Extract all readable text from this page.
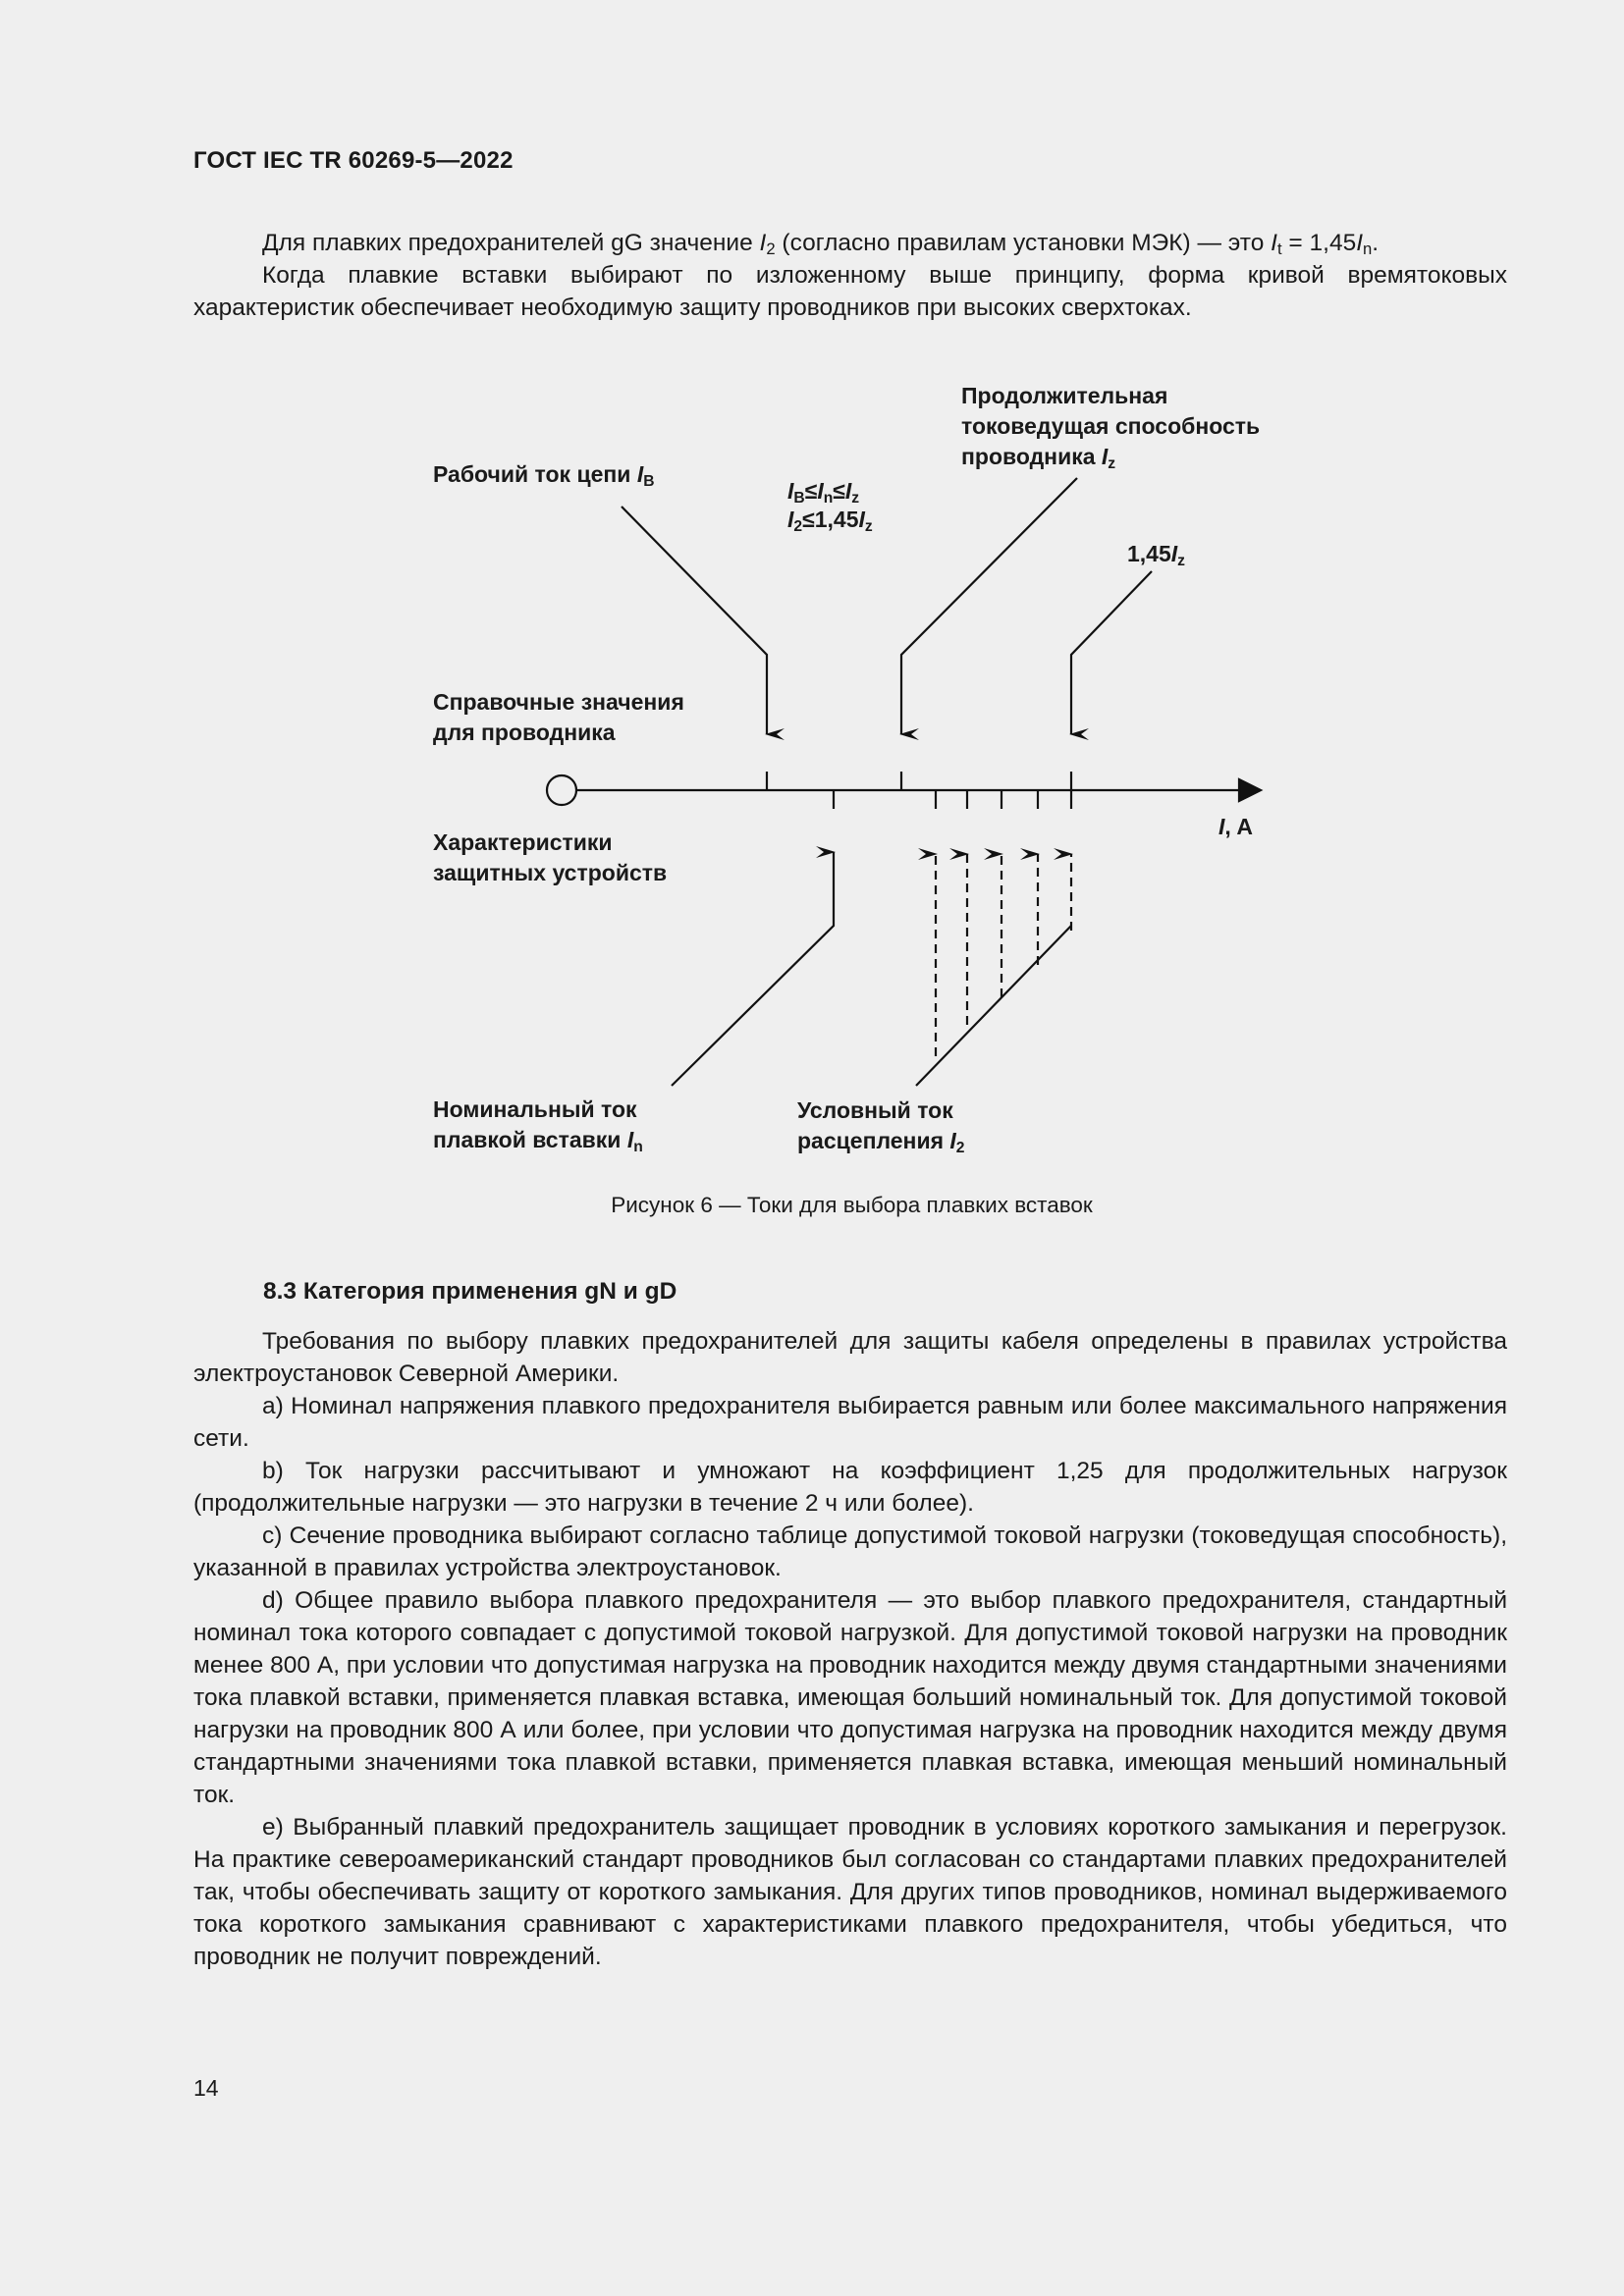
ГОСТ IEC TR 60269-5—2022

Для плавких предохранителей gG значение $I_2$ (согласно правилам установки МЭК) — это $I_t = 1,45I_n$.

Когда плавкие вставки выбирают по изложенному выше принципу, форма кривой времятоковых характеристик обеспечивает необходимую защиту проводников при высоких сверхтоках.

Рабочий ток цепи $I_B$	$I_B\le I_n\le I_z$
$I_2\le 1,45I_z$
Продолжительная
токоведущая способность
проводника $I_z$
$1,45I_z$
Справочные значения
для проводника
Характеристики
защитных устройств
I, A
Номинальный ток
плавкой вставки $I_n$
Условный ток
расцепления $I_2$
Рисунок 6 — Токи для выбора плавких вставок
8.3 Категория применения gN и gD

Требования по выбору плавких предохранителей для защиты кабеля определены в правилах устройства электроустановок Северной Америки.

a) Номинал напряжения плавкого предохранителя выбирается равным или более максимального напряжения сети.

b) Ток нагрузки рассчитывают и умножают на коэффициент 1,25 для продолжительных нагрузок (продолжительные нагрузки — это нагрузки в течение 2 ч или более).

c) Сечение проводника выбирают согласно таблице допустимой токовой нагрузки (токоведущая способность), указанной в правилах устройства электроустановок.

d) Общее правило выбора плавкого предохранителя — это выбор плавкого предохранителя, стандартный номинал тока которого совпадает с допустимой токовой нагрузкой. Для допустимой токовой нагрузки на проводник менее 800 А, при условии что допустимая нагрузка на проводник находится между двумя стандартными значениями тока плавкой вставки, применяется плавкая вставка, имеющая больший номинальный ток. Для допустимой токовой нагрузки на проводник 800 А или более, при условии что допустимая нагрузка на проводник находится между двумя стандартными значениями тока плавкой вставки, применяется плавкая вставка, имеющая меньший номинальный ток.

e) Выбранный плавкий предохранитель защищает проводник в условиях короткого замыкания и перегрузок. На практике североамериканский стандарт проводников был согласован со стандартами плавких предохранителей так, чтобы обеспечивать защиту от короткого замыкания. Для других типов проводников, номинал выдерживаемого тока короткого замыкания сравнивают с характеристиками плавкого предохранителя, чтобы убедиться, что проводник не получит повреждений.

14
